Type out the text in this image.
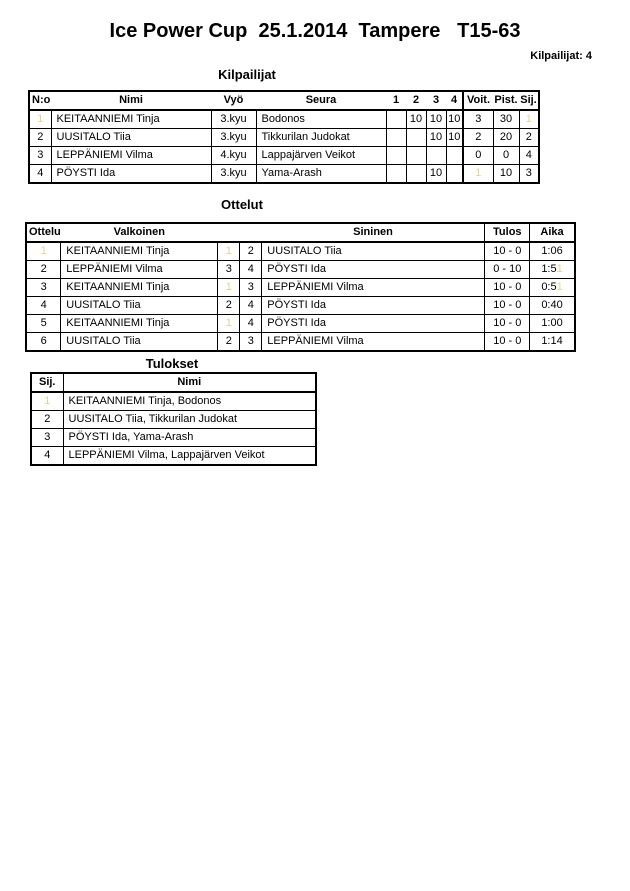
Ice Power Cup  25.1.2014  Tampere   T15-63
Kilpailijat: 4
Kilpailijat
N:o	Nimi	Vyö	Seura	1	2	3	4	Voit.	Pist.	Sij.
1	KEITAANNIEMI Tinja	3.kyu	Bodonos		10	10	10	3	30	1
2	UUSITALO Tiia	3.kyu	Tikkurilan Judokat			10	10	2	20	2
3	LEPPÄNIEMI Vilma	4.kyu	Lappajärven Veikot					0	0	4
4	PÖYSTI Ida	3.kyu	Yama-Arash			10		1	10	3
Ottelut
Ottelu	Valkoinen			Sininen	Tulos	Aika
1	KEITAANNIEMI Tinja	1	2	UUSITALO Tiia	10 - 0	1:06
2	LEPPÄNIEMI Vilma	3	4	PÖYSTI Ida	0 - 10	1:51
3	KEITAANNIEMI Tinja	1	3	LEPPÄNIEMI Vilma	10 - 0	0:51
4	UUSITALO Tiia	2	4	PÖYSTI Ida	10 - 0	0:40
5	KEITAANNIEMI Tinja	1	4	PÖYSTI Ida	10 - 0	1:00
6	UUSITALO Tiia	2	3	LEPPÄNIEMI Vilma	10 - 0	1:14
Tulokset
Sij.	Nimi
1	KEITAANNIEMI Tinja, Bodonos
2	UUSITALO Tiia, Tikkurilan Judokat
3	PÖYSTI Ida, Yama-Arash
4	LEPPÄNIEMI Vilma, Lappajärven Veikot
